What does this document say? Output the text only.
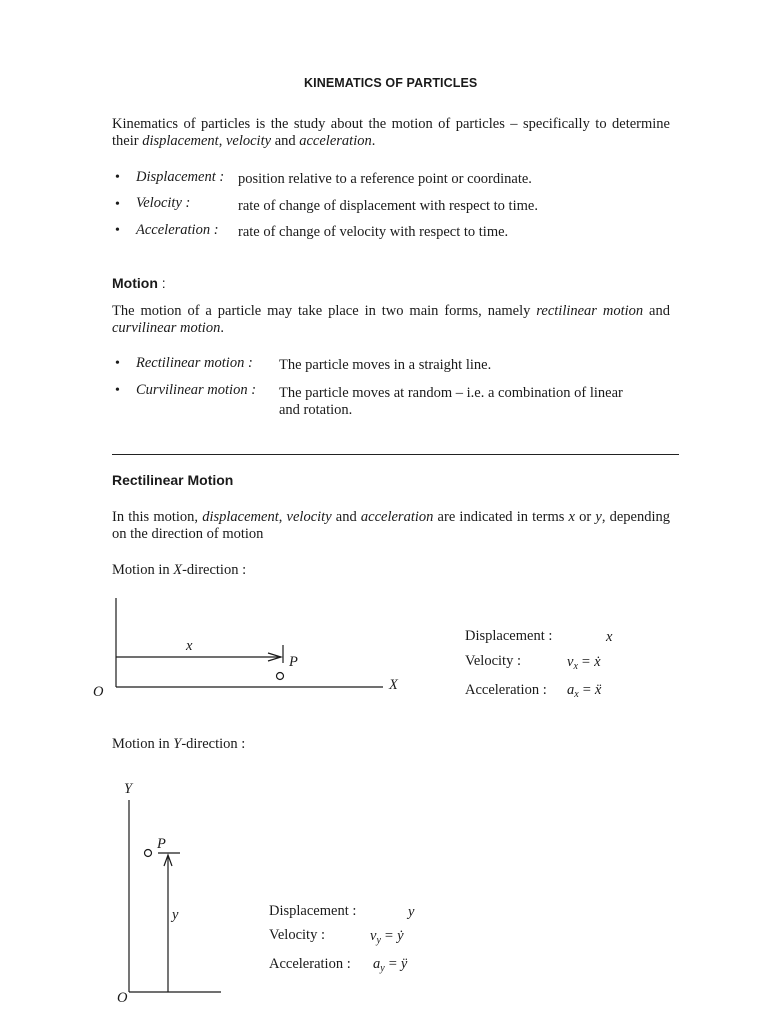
KINEMATICS OF PARTICLES
Kinematics of particles is the study about the motion of particles – specifically to determine their displacement, velocity and acceleration.
• Displacement : position relative to a reference point or coordinate.
• Velocity :	rate of change of displacement with respect to time.
• Acceleration : rate of change of velocity with respect to time.
Motion :
The motion of a particle may take place in two main forms, namely rectilinear motion and curvilinear motion.
• Rectilinear motion : The particle moves in a straight line.
• Curvilinear motion : The particle moves at random – i.e. a combination of linear
and rotation.
Rectilinear Motion
In this motion, displacement, velocity and acceleration are indicated in terms x or y, depending on the direction of motion
Motion in X-direction :
O	X
x
P
Displacement :	x
Velocity :	$v_x$ = ẋ
Acceleration : $a_x$ = ẍ
Motion in Y-direction :
Y
P
y
O
Displacement :	y
Velocity :	$v_y$ = ẏ
Acceleration : $a_y$ = ÿ
